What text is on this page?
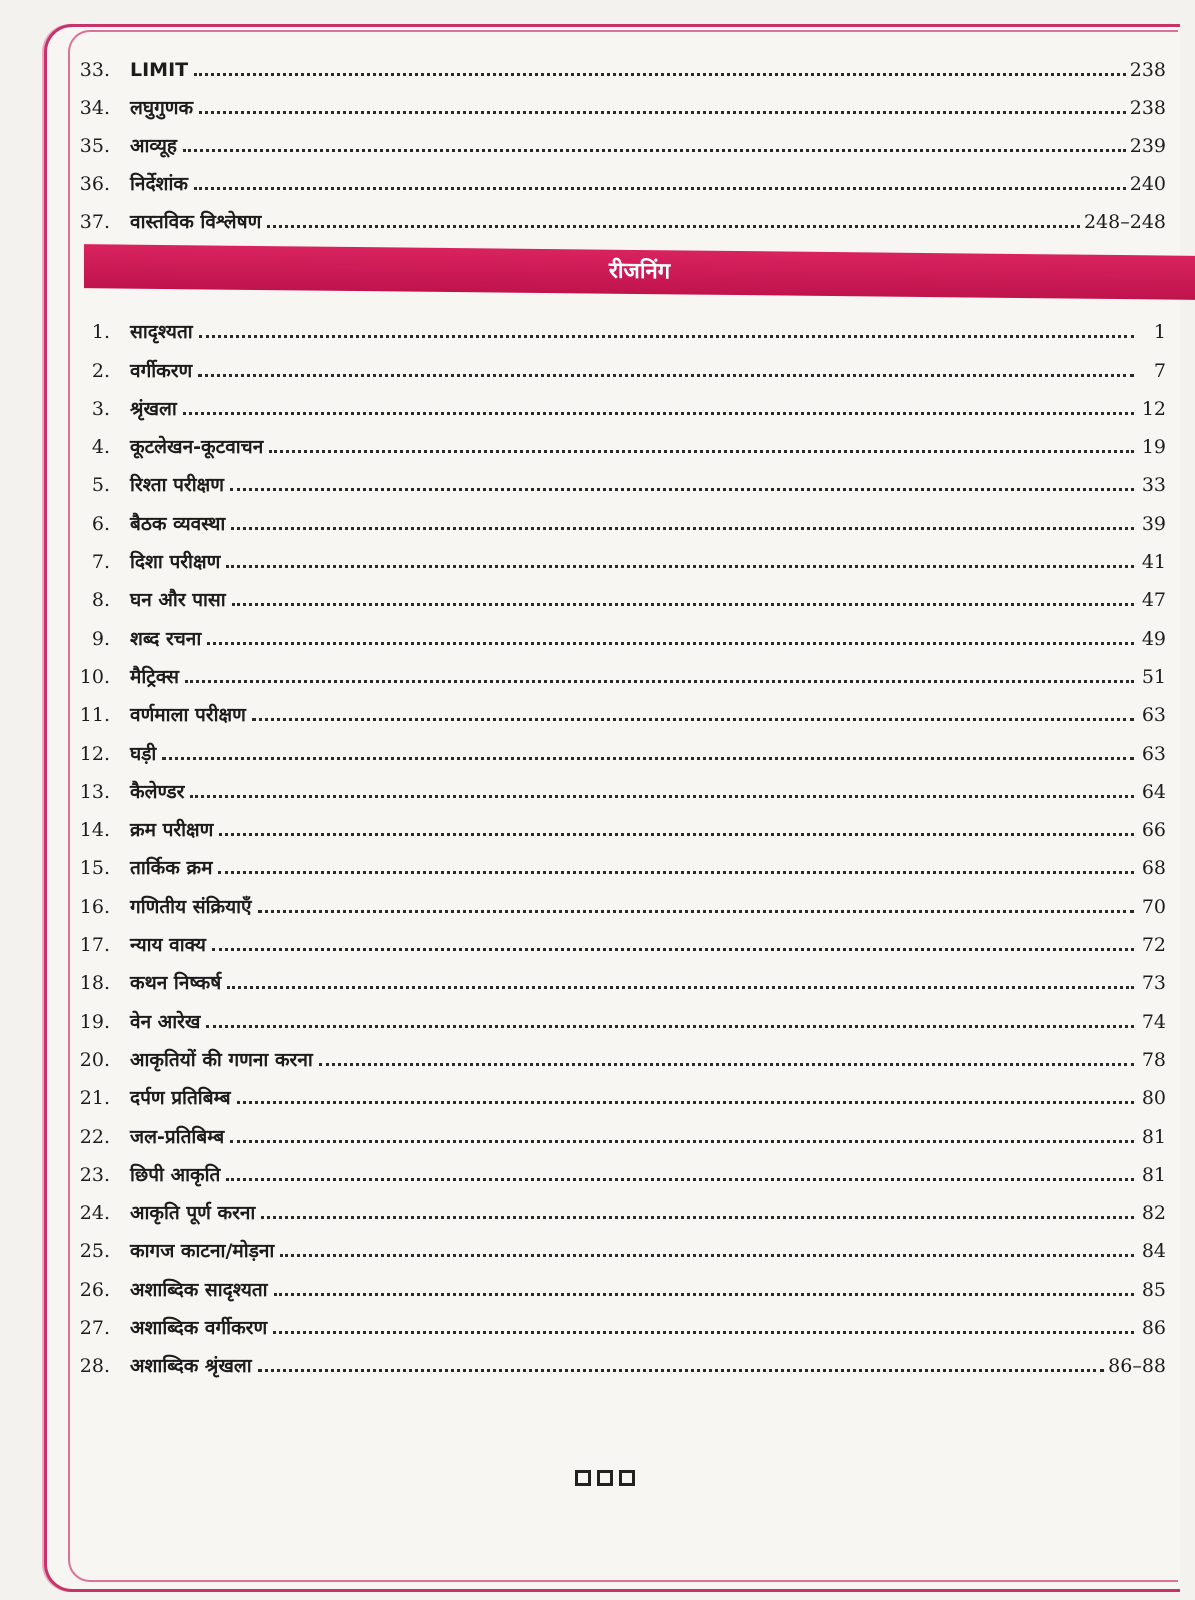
33.	LIMIT	238
34.	लघुगुणक	238
35.	आव्यूह	239
36.	निर्देशांक	240
37.	वास्तविक विश्लेषण	248–248
रीजनिंग
1.	सादृश्यता	1
2.	वर्गीकरण	7
3.	श्रृंखला	12
4.	कूटलेखन-कूटवाचन	19
5.	रिश्ता परीक्षण	33
6.	बैठक व्यवस्था	39
7.	दिशा परीक्षण	41
8.	घन और पासा	47
9.	शब्द रचना	49
10.	मैट्रिक्स	51
11.	वर्णमाला परीक्षण	63
12.	घड़ी	63
13.	कैलेण्डर	64
14.	क्रम परीक्षण	66
15.	तार्किक क्रम	68
16.	गणितीय संक्रियाएँ	70
17.	न्याय वाक्य	72
18.	कथन निष्कर्ष	73
19.	वेन आरेख	74
20.	आकृतियों की गणना करना	78
21.	दर्पण प्रतिबिम्ब	80
22.	जल-प्रतिबिम्ब	81
23.	छिपी आकृति	81
24.	आकृति पूर्ण करना	82
25.	कागज काटना/मोड़ना	84
26.	अशाब्दिक सादृश्यता	85
27.	अशाब्दिक वर्गीकरण	86
28.	अशाब्दिक श्रृंखला	86–88
